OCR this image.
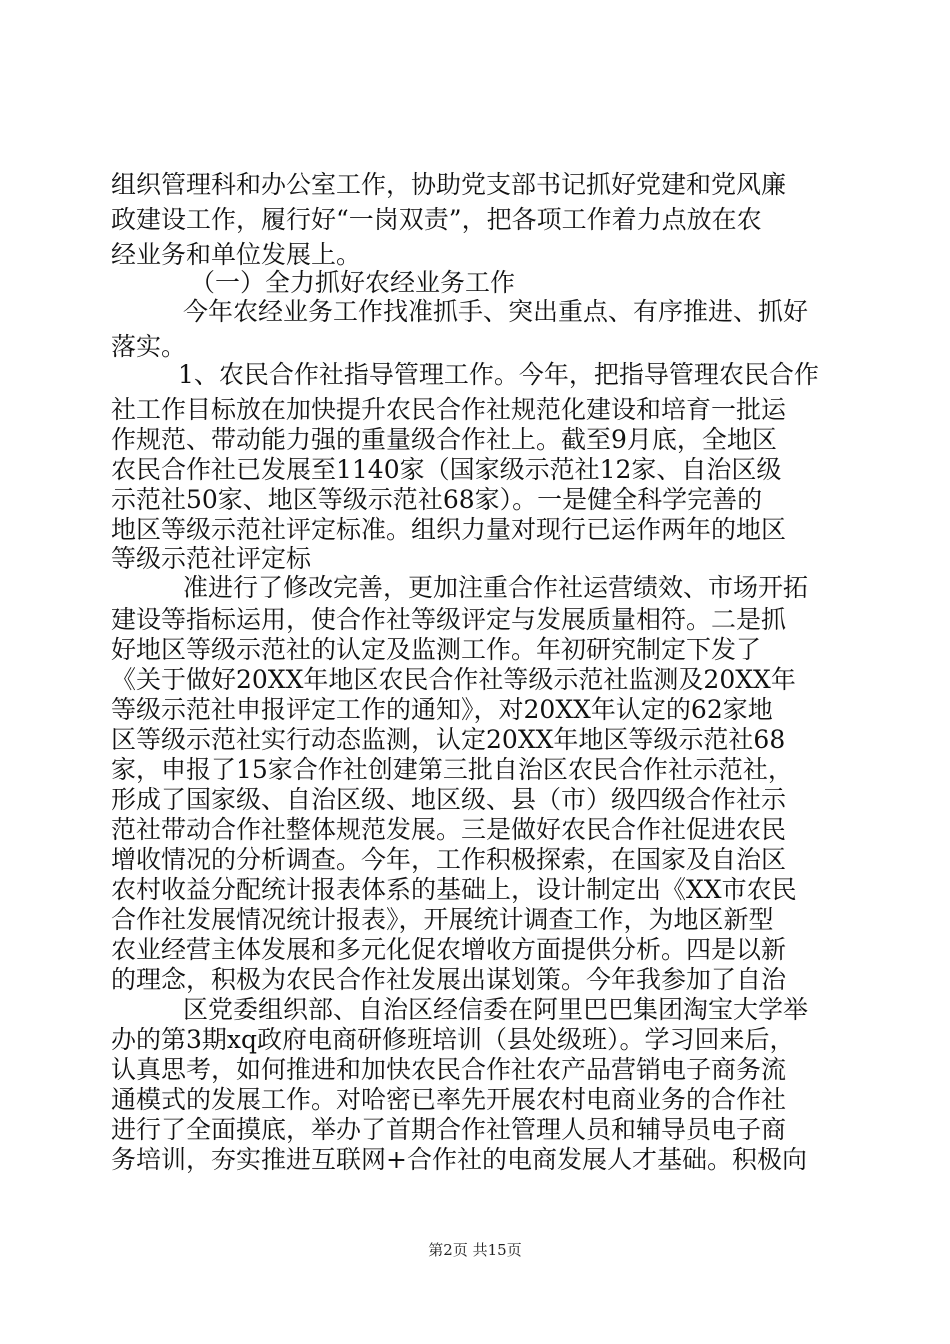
组织管理科和办公室工作，协助党支部书记抓好党建和党风廉
政建设工作，履行好“一岗双责”，把各项工作着力点放在农
经业务和单位发展上。
（一）全力抓好农经业务工作
今年农经业务工作找准抓手、突出重点、有序推进、抓好
落实。
1、农民合作社指导管理工作。今年，把指导管理农民合作
社工作目标放在加快提升农民合作社规范化建设和培育一批运
作规范、带动能力强的重量级合作社上。截至9月底，全地区
农民合作社已发展至1140家（国家级示范社12家、自治区级
示范社50家、地区等级示范社68家）。一是健全科学完善的
地区等级示范社评定标准。组织力量对现行已运作两年的地区
等级示范社评定标
准进行了修改完善，更加注重合作社运营绩效、市场开拓
建设等指标运用，使合作社等级评定与发展质量相符。二是抓
好地区等级示范社的认定及监测工作。年初研究制定下发了
《关于做好20XX年地区农民合作社等级示范社监测及20XX年
等级示范社申报评定工作的通知》，对20XX年认定的62家地
区等级示范社实行动态监测，认定20XX年地区等级示范社68
家，申报了15家合作社创建第三批自治区农民合作社示范社，
形成了国家级、自治区级、地区级、县（市）级四级合作社示
范社带动合作社整体规范发展。三是做好农民合作社促进农民
增收情况的分析调查。今年，工作积极探索，在国家及自治区
农村收益分配统计报表体系的基础上，设计制定出《XX市农民
合作社发展情况统计报表》，开展统计调查工作，为地区新型
农业经营主体发展和多元化促农增收方面提供分析。四是以新
的理念，积极为农民合作社发展出谋划策。今年我参加了自治
区党委组织部、自治区经信委在阿里巴巴集团淘宝大学举
办的第3期xq政府电商研修班培训（县处级班）。学习回来后，
认真思考，如何推进和加快农民合作社农产品营销电子商务流
通模式的发展工作。对哈密已率先开展农村电商业务的合作社
进行了全面摸底，举办了首期合作社管理人员和辅导员电子商
务培训，夯实推进互联网+合作社的电商发展人才基础。积极向
第2页 共15页
